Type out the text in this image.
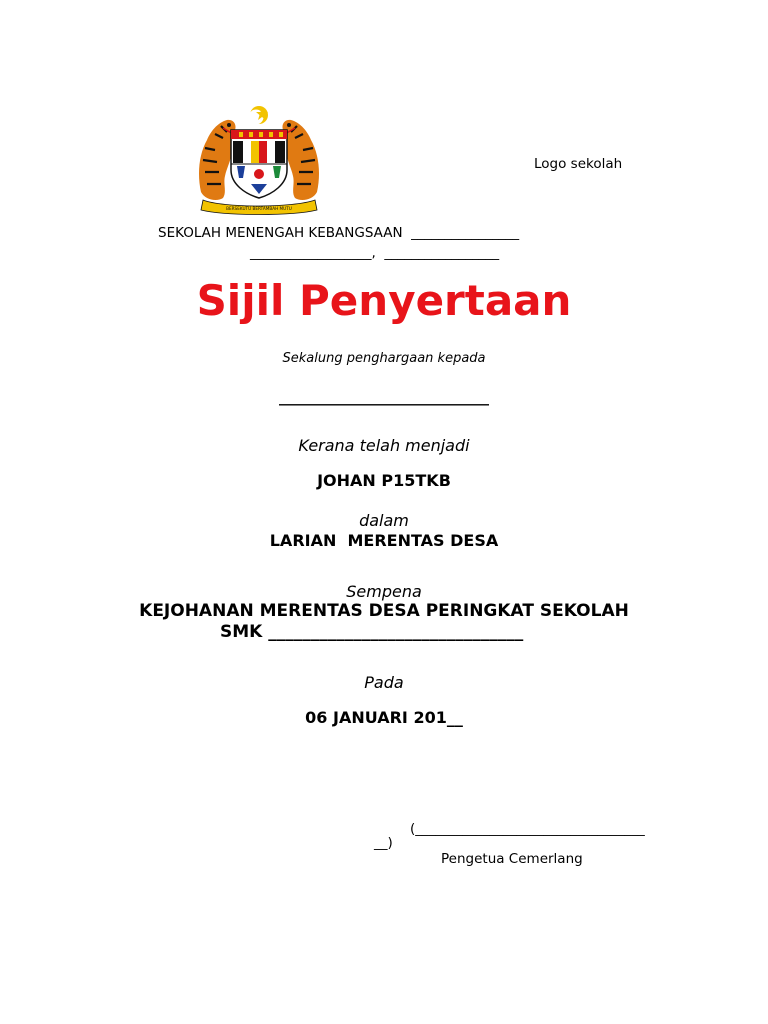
BERSEKUTU BERTAMBAH MUTU
Logo sekolah
SEKOLAH MENENGAH KEBANGSAAN  ________________
__________________,  _________________
Sijil Penyertaan
Sekalung penghargaan kepada
____________________________
Kerana telah menjadi
JOHAN P15TKB
dalam
LARIAN  MERENTAS DESA
Sempena
KEJOHANAN MERENTAS DESA PERINGKAT SEKOLAH
SMK ______________________________
Pada
06 JANUARI 201__
(__________________________________
__)
Pengetua Cemerlang
